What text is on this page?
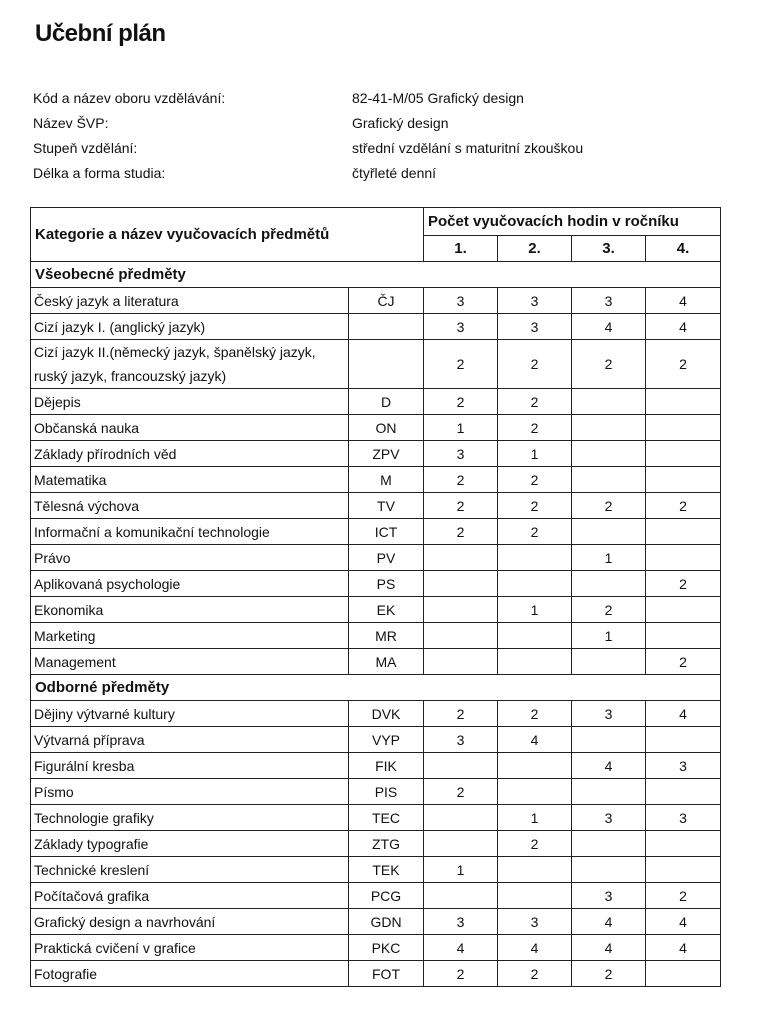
Učební plán
Kód a název oboru vzdělávání:	82-41-M/05 Grafický design
Název ŠVP:	Grafický design
Stupeň vzdělání:	střední vzdělání s maturitní zkouškou
Délka a forma studia:	čtyřleté denní
Kategorie a název vyučovacích předmětů		Počet vyučovacích hodin v ročníku			
		1.	2.	3.	4.
Všeobecné předměty					
Český jazyk a literatura	ČJ	3	3	3	4
Cizí jazyk I. (anglický jazyk)		3	3	4	4
Cizí jazyk II.(německý jazyk, španělský jazyk, ruský jazyk, francouzský jazyk)		2	2	2	2
Dějepis	D	2	2		
Občanská nauka	ON	1	2		
Základy přírodních věd	ZPV	3	1		
Matematika	M	2	2		
Tělesná výchova	TV	2	2	2	2
Informační a komunikační technologie	ICT	2	2		
Právo	PV			1	
Aplikovaná psychologie	PS				2
Ekonomika	EK		1	2	
Marketing	MR			1	
Management	MA				2
Odborné předměty					
Dějiny výtvarné kultury	DVK	2	2	3	4
Výtvarná příprava	VYP	3	4		
Figurální kresba	FIK			4	3
Písmo	PIS	2			
Technologie grafiky	TEC		1	3	3
Základy typografie	ZTG		2		
Technické kreslení	TEK	1			
Počítačová grafika	PCG			3	2
Grafický design a navrhování	GDN	3	3	4	4
Praktická cvičení v grafice	PKC	4	4	4	4
Fotografie	FOT	2	2	2	
